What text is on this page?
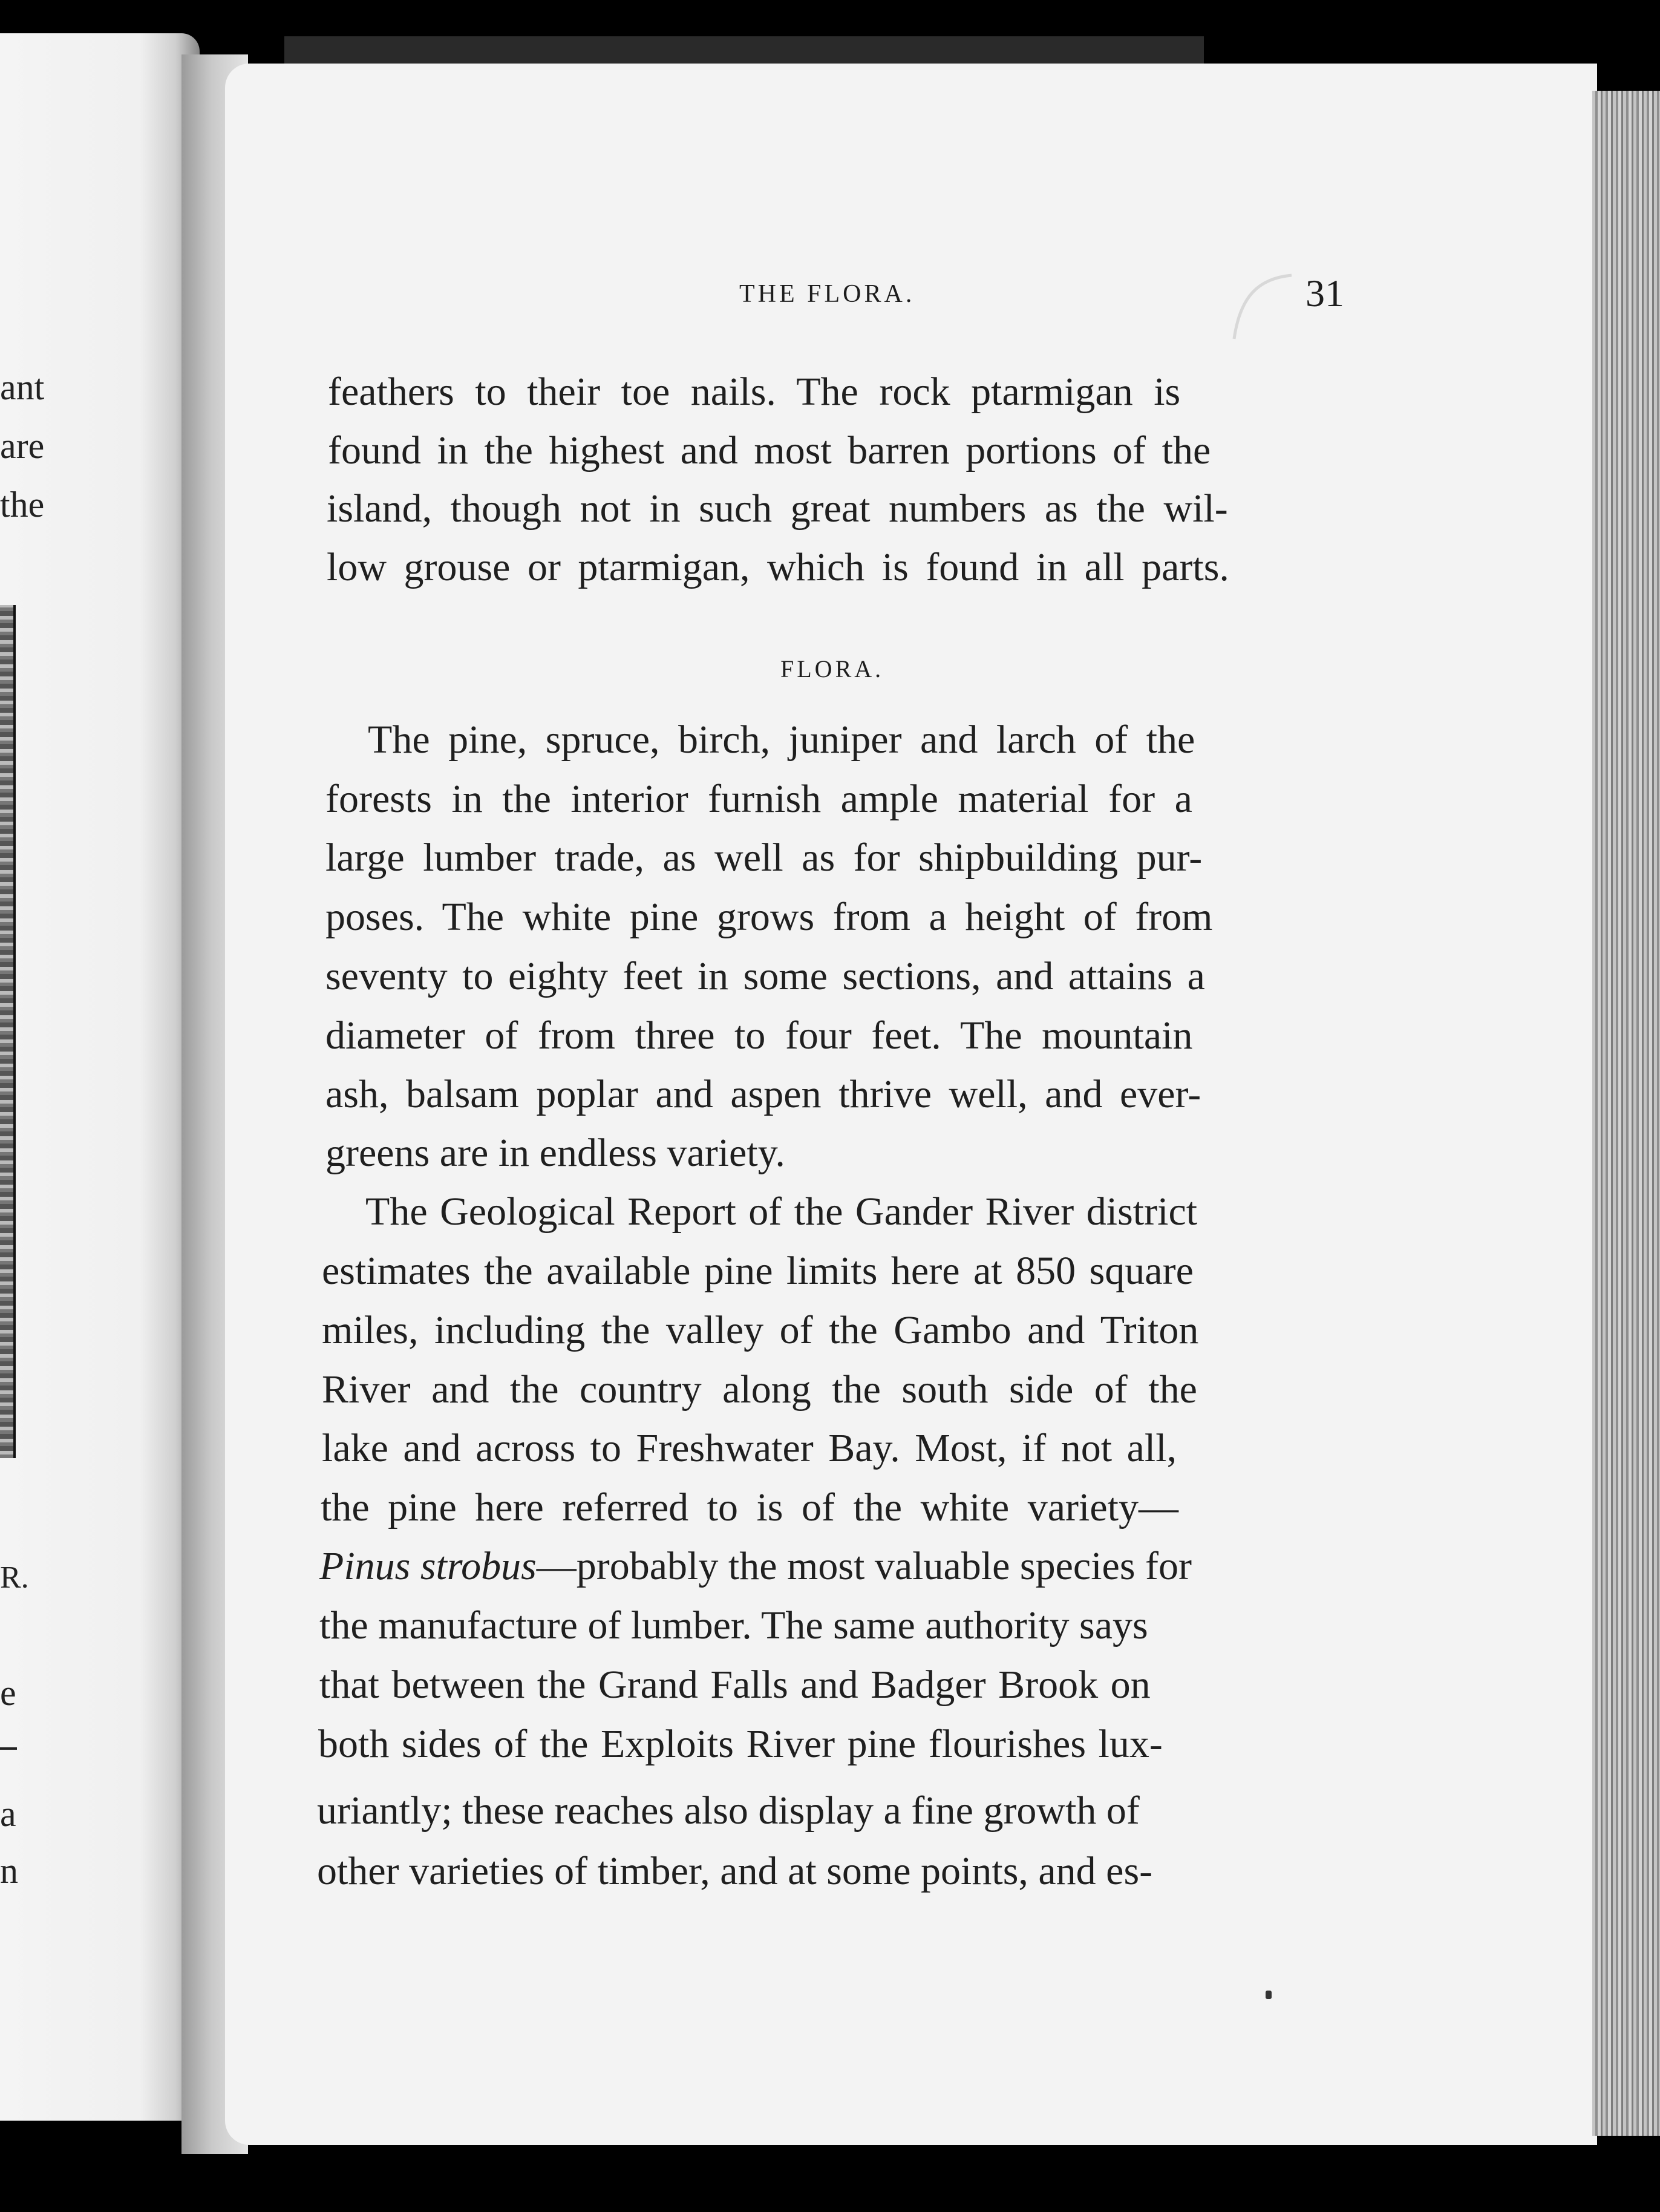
ant
are
the
R.
e
a
n
THE FLORA.	31
feathers to their toe nails. The rock ptarmigan is
found in the highest and most barren portions of the
island, though not in such great numbers as the wil-
low grouse or ptarmigan, which is found in all parts.
FLORA.
The pine, spruce, birch, juniper and larch of the
forests in the interior furnish ample material for a
large lumber trade, as well as for shipbuilding pur-
poses. The white pine grows from a height of from
seventy to eighty feet in some sections, and attains a
diameter of from three to four feet. The mountain
ash, balsam poplar and aspen thrive well, and ever-
greens are in endless variety.
The Geological Report of the Gander River district
estimates the available pine limits here at 850 square
miles, including the valley of the Gambo and Triton
River and the country along the south side of the
lake and across to Freshwater Bay. Most, if not all,
the pine here referred to is of the white variety—
Pinus strobus—probably the most valuable species for
the manufacture of lumber. The same authority says
that between the Grand Falls and Badger Brook on
both sides of the Exploits River pine flourishes lux-
uriantly; these reaches also display a fine growth of
other varieties of timber, and at some points, and es-
